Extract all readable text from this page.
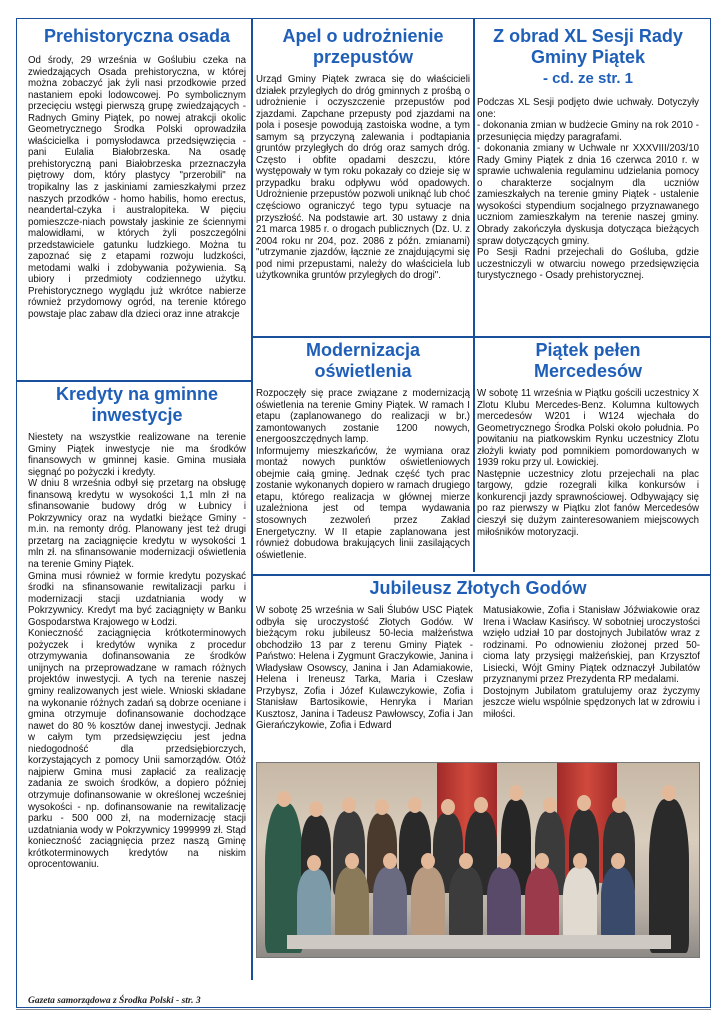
Prehistoryczna osada

Od środy, 29 września w Goślubiu czeka na zwiedzających Osada prehistoryczna, w której można zobaczyć jak żyli nasi przodkowie przed nastaniem epoki lodowcowej. Po symbolicznym przecięciu wstęgi pierwszą grupę zwiedzających - Radnych Gminy Piątek, po nowej atrakcji okolic Geometrycznego Środka Polski oprowadziła właścicielka i pomysłodawca przedsięwzięcia - pani Eulalia Białobrzeska. Na osadę prehistoryczną pani Białobrzeska przeznaczyła piętrowy dom, który plastycy "przerobili" na tropikalny las z jaskiniami zamieszkałymi przez naszych przodków - homo habilis, homo erectus, neandertal-czyka i australopiteka. W pięciu pomieszcze-niach powstały jaskinie ze ściennymi malowidłami, w których żyli poszczególni przedstawiciele gatunku ludzkiego. Można tu zapoznać się z etapami rozwoju ludzkości, metodami walki i zdobywania pożywienia. Są ubiory i przedmioty codziennego użytku. Prehistorycznego wyglądu już wkrótce nabierze również przydomowy ogród, na terenie którego powstaje plac zabaw dla dzieci oraz inne atrakcje

Kredyty na gminne inwestycje

Niestety na wszystkie realizowane na terenie Gminy Piątek inwestycje nie ma środków finansowych w gminnej kasie. Gmina musiała sięgnąć po pożyczki i kredyty.
W dniu 8 września odbył się przetarg na obsługę finansową kredytu w wysokości 1,1 mln zł na sfinansowanie budowy dróg w Łubnicy i Pokrzywnicy oraz na wydatki bieżące Gminy - m.in. na remonty dróg. Planowany jest też drugi przetarg na zaciągnięcie kredytu w wysokości 1 mln zł. na sfinansowanie modernizacji oświetlenia na terenie Gminy Piątek.
Gmina musi również w formie kredytu pozyskać środki na sfinansowanie rewitalizacji parku i modernizacji stacji uzdatniania wody w Pokrzywnicy. Kredyt ma być zaciągnięty w Banku Gospodarstwa Krajowego w Łodzi.
Konieczność zaciągnięcia krótkoterminowych pożyczek i kredytów wynika z procedur otrzymywania dofinansowania ze środków unijnych na przeprowadzane w ramach różnych projektów inwestycji. A tych na terenie naszej gminy realizowanych jest wiele. Wnioski składane na wykonanie różnych zadań są dobrze oceniane i gmina otrzymuje dofinansowanie dochodzące nawet do 80 % kosztów danej inwestycji. Jednak w całym tym przedsięwzięciu jest jedna niedogodność dla przedsiębiorczych, korzystających z pomocy Unii samorządów. Otóż najpierw Gmina musi zapłacić za realizację zadania ze swoich środków, a dopiero później otrzymuje dofinansowanie w określonej wcześniej wysokości - np. dofinansowanie na rewitalizację parku - 500 000 zł, na modernizację stacji uzdatniania wody w Pokrzywnicy 1999999 zł. Stąd konieczność zaciągnięcia przez naszą Gminę krótkoterminowych kredytów na niskim oprocentowaniu.

Apel o udrożnienie przepustów

Urząd Gminy Piątek zwraca się do właścicieli działek przyległych do dróg gminnych z prośbą o udrożnienie i oczyszczenie przepustów pod zjazdami. Zapchane przepusty pod zjazdami na pola i posesje powodują zastoiska wodne, a tym samym są przyczyną zalewania i podtapiania gruntów przyległych do dróg oraz samych dróg. Często i obfite opadami deszczu, które występowały w tym roku pokazały co dzieje się w przypadku braku odpływu wód opadowych. Udrożnienie przepustów pozwoli uniknąć lub choć częściowo ograniczyć tego typu sytuacje na przyszłość. Na podstawie art. 30 ustawy z dnia 21 marca 1985 r. o drogach publicznych (Dz. U. z 2004 roku nr 204, poz. 2086 z późn. zmianami) "utrzymanie zjazdów, łącznie ze znajdującymi się pod nimi przepustami, należy do właściciela lub użytkownika gruntów przyległych do drogi".

Z obrad XL Sesji Rady Gminy Piątek
- cd. ze str. 1

Podczas XL Sesji podjęto dwie uchwały. Dotyczyły one:
- dokonania zmian w budżecie Gminy na rok 2010 - przesunięcia między paragrafami.
- dokonania zmiany w Uchwale nr XXXVIII/203/10 Rady Gminy Piątek z dnia 16 czerwca 2010 r. w sprawie uchwalenia regulaminu udzielania pomocy o charakterze socjalnym dla uczniów zamieszkałych na terenie gminy Piątek - ustalenie wysokości stypendium socjalnego przyznawanego uczniom zamieszkałym na terenie naszej gminy. Obrady zakończyła dyskusja dotycząca bieżących spraw dotyczących gminy.
Po Sesji Radni przejechali do Gośluba, gdzie uczestniczyli w otwarciu nowego przedsięwzięcia turystycznego - Osady prehistorycznej.

Modernizacja oświetlenia

Rozpoczęły się prace związane z modernizacją oświetlenia na terenie Gminy Piątek. W ramach I etapu (zaplanowanego do realizacji w br.) zamontowanych zostanie 1200 nowych, energooszczędnych lamp.
Informujemy mieszkańców, że wymiana oraz montaż nowych punktów oświetleniowych obejmie całą gminę. Jednak część tych prac zostanie wykonanych dopiero w ramach drugiego etapu, którego realizacja w głównej mierze uzależniona jest od tempa wydawania stosownych zezwoleń przez Zakład Energetyczny. W II etapie zaplanowana jest również dobudowa brakujących linii zasilających oświetlenie.

Piątek pełen Mercedesów

W sobotę 11 września w Piątku gościli uczestnicy X Zlotu Klubu Mercedes-Benz. Kolumna kultowych mercedesów W201 i W124 wjechała do Geometrycznego Środka Polski około południa. Po powitaniu na piatkowskim Rynku uczestnicy Zlotu złożyli kwiaty pod pomnikiem pomordowanych w 1939 roku przy ul. Łowickiej.
Następnie uczestnicy zlotu przejechali na plac targowy, gdzie rozegrali kilka konkursów i konkurencji jazdy sprawnościowej. Odbywający się po raz pierwszy w Piątku zlot fanów Mercedesów cieszył się dużym zainteresowaniem miejscowych miłośników motoryzacji.

Jubileusz Złotych Godów

W sobotę 25 września w Sali Ślubów USC Piątek odbyła się uroczystość Złotych Godów. W bieżącym roku jubileusz 50-lecia małżeństwa obchodziło 13 par z terenu Gminy Piątek - Państwo: Helena i Zygmunt Graczykowie, Janina i Władysław Osowscy, Janina i Jan Adamiakowie, Helena i Ireneusz Tarka, Maria i Czesław Przybysz, Zofia i Józef Kulawczykowie, Zofia i Stanisław Bartosikowie, Henryka i Marian Kusztosz, Janina i Tadeusz Pawłowscy, Zofia i Jan Gierańczykowie, Zofia i Edward

Matusiakowie, Zofia i Stanisław Jóźwiakowie oraz Irena i Wacław Kasińscy. W sobotniej uroczystości wzięło udział 10 par dostojnych Jubilatów wraz z rodzinami. Po odnowieniu złożonej przed 50-cioma laty przysięgi małżeńskiej, pan Krzysztof Lisiecki, Wójt Gminy Piątek odznaczył Jubilatów przyznanymi przez Prezydenta RP medalami.
Dostojnym Jubilatom gratulujemy oraz życzymy jeszcze wielu wspólnie spędzonych lat w zdrowiu i miłości.

Gazeta samorządowa z Środka Polski - str. 3
